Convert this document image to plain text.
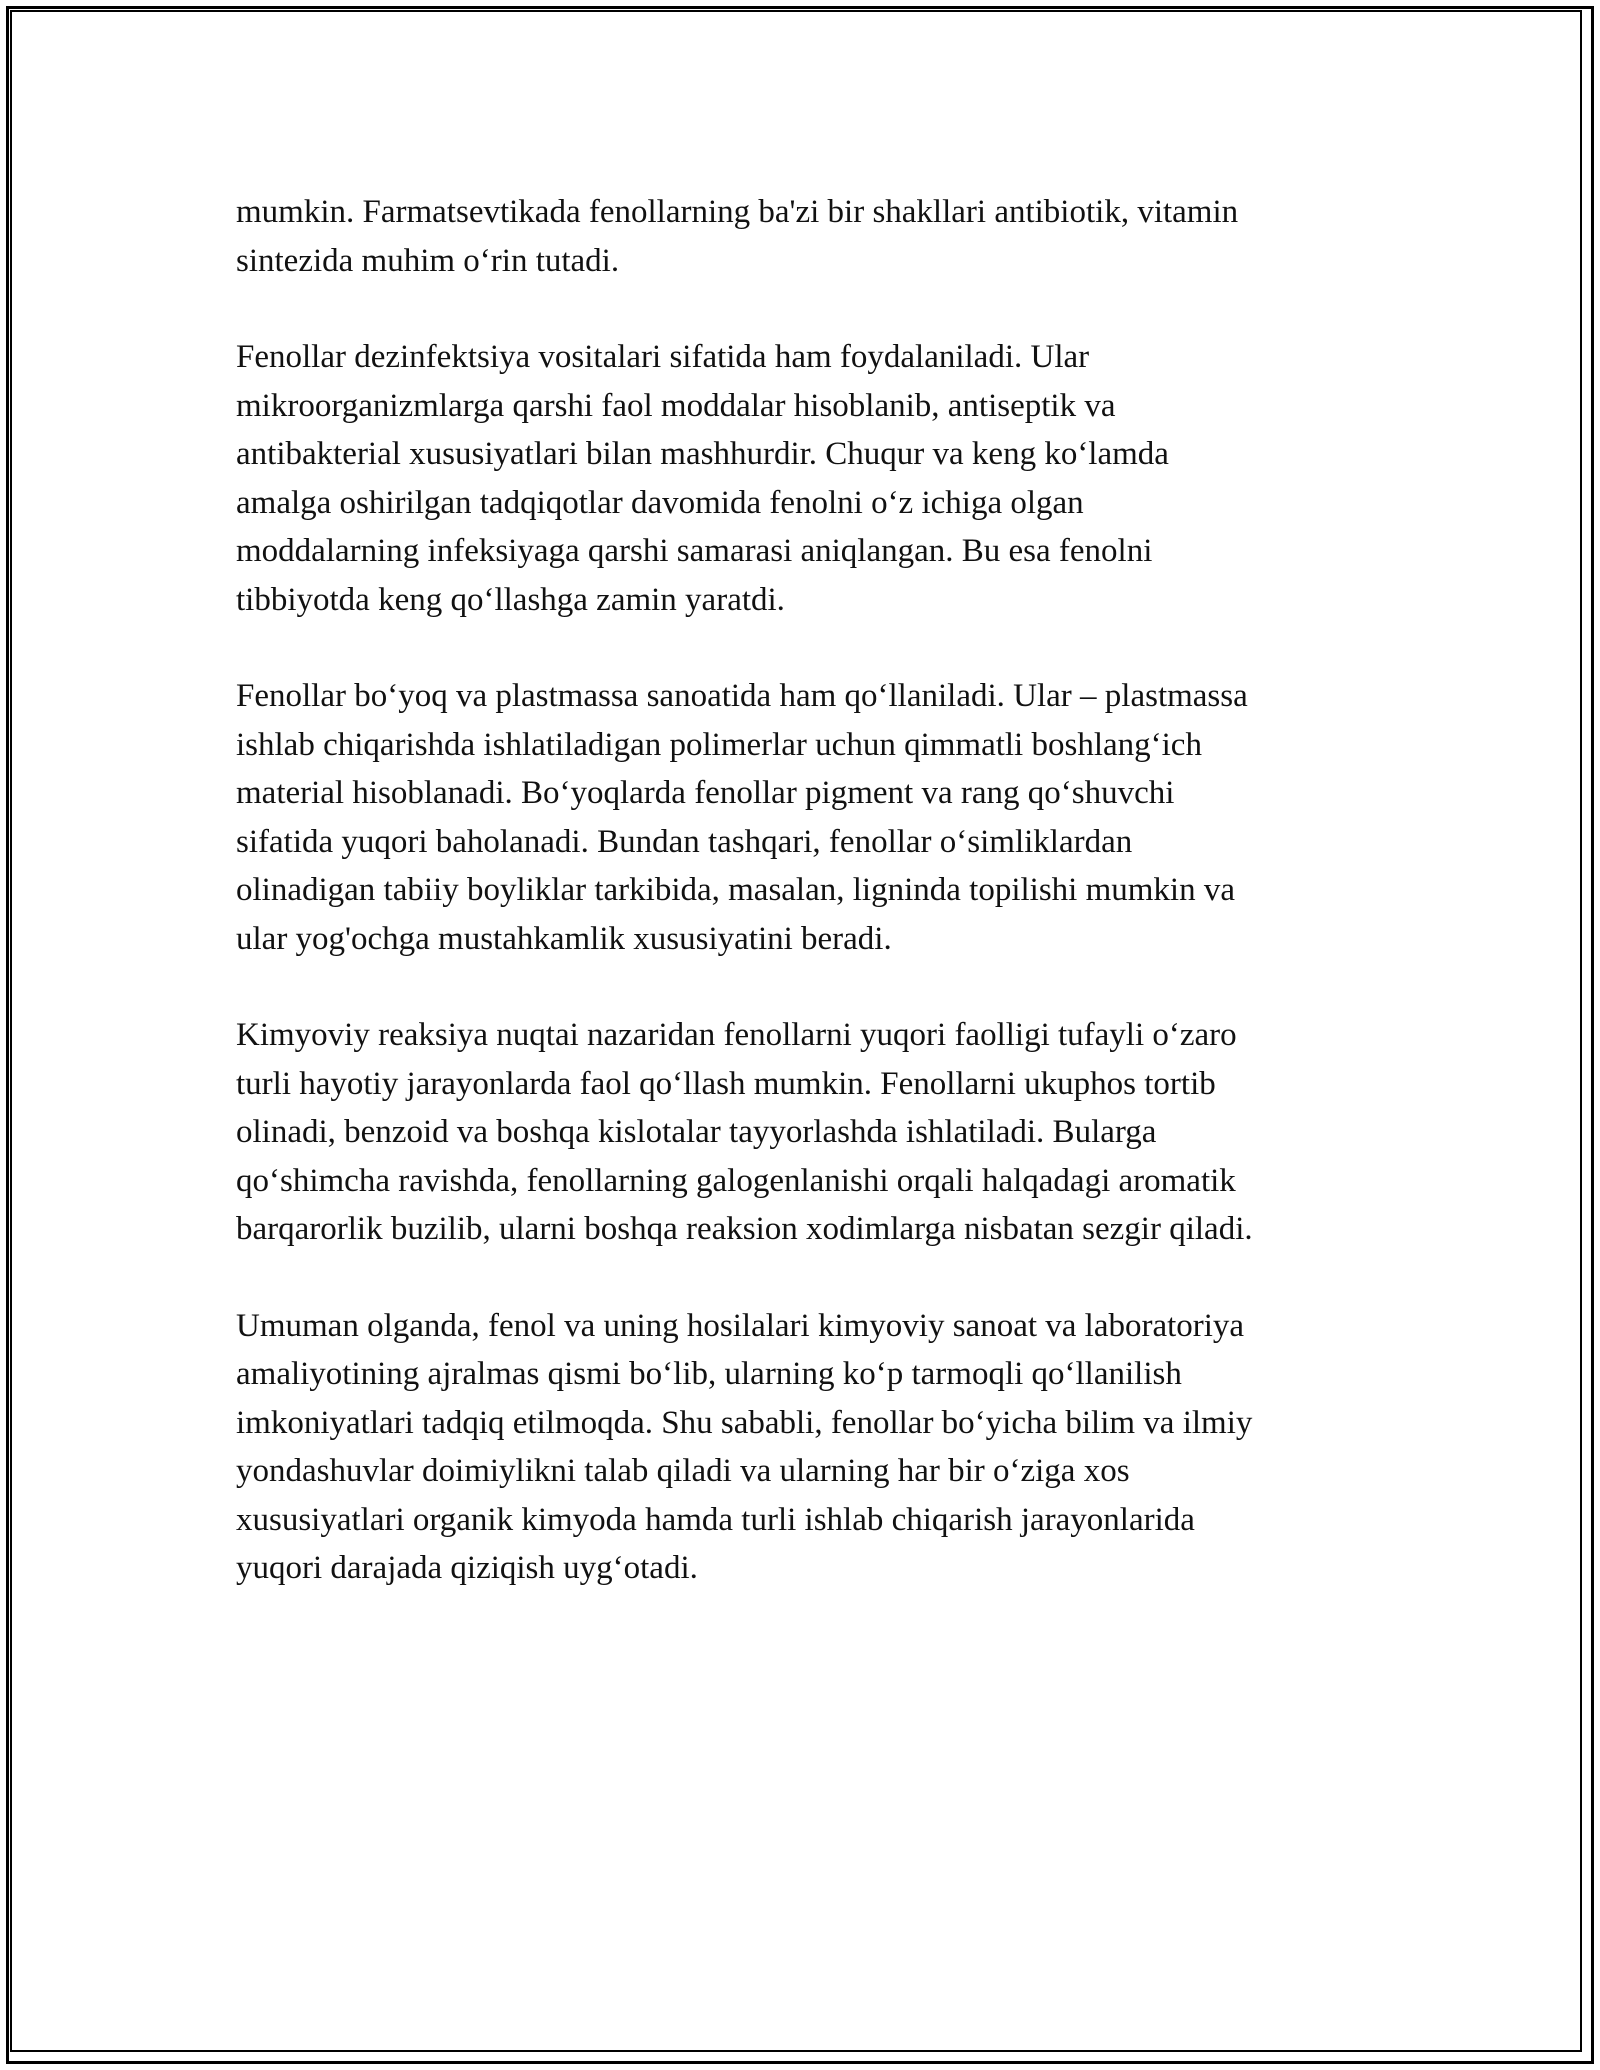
mumkin. Farmatsevtikada fenollarning ba'zi bir shakllari antibiotik, vitamin
sintezida muhim o‘rin tutadi.

Fenollar dezinfektsiya vositalari sifatida ham foydalaniladi. Ular
mikroorganizmlarga qarshi faol moddalar hisoblanib, antiseptik va
antibakterial xususiyatlari bilan mashhurdir. Chuqur va keng ko‘lamda
amalga oshirilgan tadqiqotlar davomida fenolni o‘z ichiga olgan
moddalarning infeksiyaga qarshi samarasi aniqlangan. Bu esa fenolni
tibbiyotda keng qo‘llashga zamin yaratdi.

Fenollar bo‘yoq va plastmassa sanoatida ham qo‘llaniladi. Ular – plastmassa
ishlab chiqarishda ishlatiladigan polimerlar uchun qimmatli boshlang‘ich
material hisoblanadi. Bo‘yoqlarda fenollar pigment va rang qo‘shuvchi
sifatida yuqori baholanadi. Bundan tashqari, fenollar o‘simliklardan
olinadigan tabiiy boyliklar tarkibida, masalan, ligninda topilishi mumkin va
ular yog'ochga mustahkamlik xususiyatini beradi.

Kimyoviy reaksiya nuqtai nazaridan fenollarni yuqori faolligi tufayli o‘zaro
turli hayotiy jarayonlarda faol qo‘llash mumkin. Fenollarni ukuphos tortib
olinadi, benzoid va boshqa kislotalar tayyorlashda ishlatiladi. Bularga
qo‘shimcha ravishda, fenollarning galogenlanishi orqali halqadagi aromatik
barqarorlik buzilib, ularni boshqa reaksion xodimlarga nisbatan sezgir qiladi.

Umuman olganda, fenol va uning hosilalari kimyoviy sanoat va laboratoriya
amaliyotining ajralmas qismi bo‘lib, ularning ko‘p tarmoqli qo‘llanilish
imkoniyatlari tadqiq etilmoqda. Shu sababli, fenollar bo‘yicha bilim va ilmiy
yondashuvlar doimiylikni talab qiladi va ularning har bir o‘ziga xos
xususiyatlari organik kimyoda hamda turli ishlab chiqarish jarayonlarida
yuqori darajada qiziqish uyg‘otadi.
